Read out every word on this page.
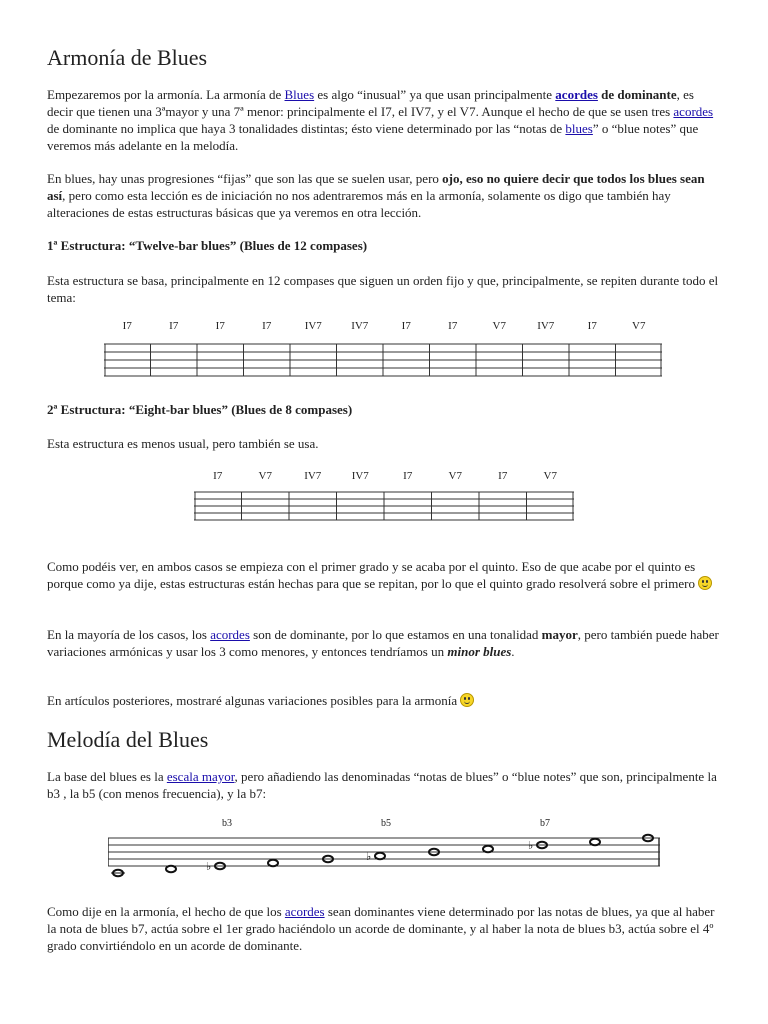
Armonía de Blues

Empezaremos por la armonía. La armonía de Blues es algo “inusual” ya que usan principalmente acordes de dominante, es decir que tienen una 3ªmayor y una 7ª menor: principalmente el I7, el IV7, y el V7. Aunque el hecho de que se usen tres acordes de dominante no implica que haya 3 tonalidades distintas; ésto viene determinado por las “notas de blues” o “blue notes” que veremos más adelante en la melodía.

En blues, hay unas progresiones “fijas” que son las que se suelen usar, pero ojo, eso no quiere decir que todos los blues sean así, pero como esta lección es de iniciación no nos adentraremos más en la armonía, solamente os digo que también hay alteraciones de estas estructuras básicas que ya veremos en otra lección.

1ª Estructura: “Twelve-bar blues” (Blues de 12 compases)

Esta estructura se basa, principalmente en 12 compases que siguen un orden fijo y que, principalmente, se repiten durante todo el tema:

2ª Estructura: “Eight-bar blues” (Blues de 8 compases)

Esta estructura es menos usual, pero también se usa.

Como podéis ver, en ambos casos se empieza con el primer grado y se acaba por el quinto. Eso de que acabe por el quinto es porque como ya dije, estas estructuras están hechas para que se repitan, por lo que el quinto grado resolverá sobre el primero

En la mayoría de los casos, los acordes son de dominante, por lo que estamos en una tonalidad mayor, pero también puede haber variaciones armónicas y usar los 3 como menores, y entonces tendríamos un minor blues.

En artículos posteriores, mostraré algunas variaciones posibles para la armonía

Melodía del Blues

La base del blues es la escala mayor, pero añadiendo las denominadas “notas de blues” o “blue notes” que son, principalmente la b3 , la b5 (con menos frecuencia), y la b7:

Como dije en la armonía, el hecho de que los acordes sean dominantes viene determinado por las notas de blues, ya que al haber la nota de blues b7, actúa sobre el 1er grado haciéndolo un acorde de dominante, y al haber la nota de blues b3, actúa sobre el 4º grado convirtiéndolo en un acorde de dominante.

I7	I7	I7	I7	IV7	IV7	I7	I7	V7	IV7	I7	V7
I7	V7	IV7	IV7	I7	V7	I7	V7
b3	b5	b7
♭
♭
♭
